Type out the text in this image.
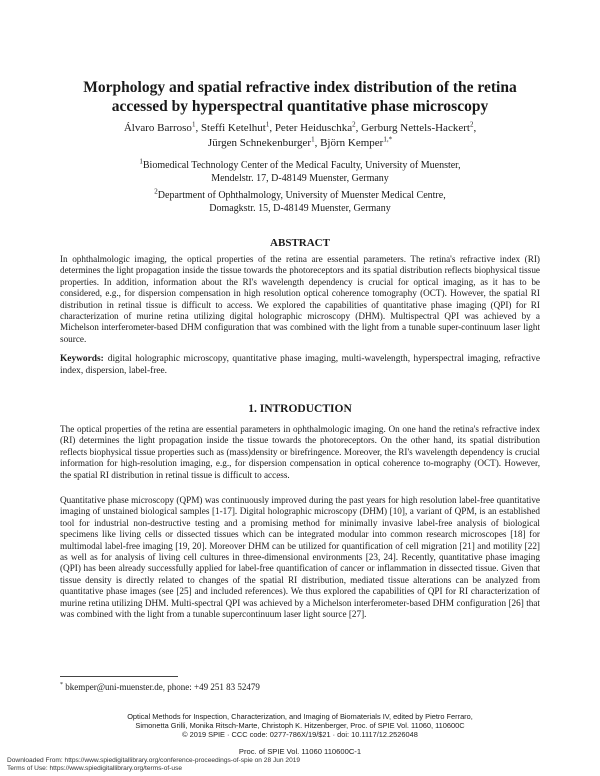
Morphology and spatial refractive index distribution of the retina
accessed by hyperspectral quantitative phase microscopy
Álvaro Barroso$^1$, Steffi Ketelhut$^1$, Peter Heiduschka$^2$, Gerburg Nettels-Hackert$^2$,
Jürgen Schnekenburger$^1$, Björn Kemper$^{1,*}$
$^1$Biomedical Technology Center of the Medical Faculty, University of Muenster,
Mendelstr. 17, D-48149 Muenster, Germany
$^2$Department of Ophthalmology, University of Muenster Medical Centre,
Domagkstr. 15, D-48149 Muenster, Germany
ABSTRACT
In ophthalmologic imaging, the optical properties of the retina are essential parameters. The retina's refractive index (RI) determines the light propagation inside the tissue towards the photoreceptors and its spatial distribution reflects biophysical tissue properties. In addition, information about the RI's wavelength dependency is crucial for optical imaging, as it has to be considered, e.g., for dispersion compensation in high resolution optical coherence tomography (OCT). However, the spatial RI distribution in retinal tissue is difficult to access. We explored the capabilities of quantitative phase imaging (QPI) for RI characterization of murine retina utilizing digital holographic microscopy (DHM). Multispectral QPI was achieved by a Michelson interferometer-based DHM configuration that was combined with the light from a tunable super-continuum laser light source.
Keywords: digital holographic microscopy, quantitative phase imaging, multi-wavelength, hyperspectral imaging, refractive index, dispersion, label-free.
1. INTRODUCTION
The optical properties of the retina are essential parameters in ophthalmologic imaging. On one hand the retina's refractive index (RI) determines the light propagation inside the tissue towards the photoreceptors. On the other hand, its spatial distribution reflects biophysical tissue properties such as (mass)density or birefringence. Moreover, the RI's wavelength dependency is crucial information for high-resolution imaging, e.g., for dispersion compensation in optical coherence to-mography (OCT). However, the spatial RI distribution in retinal tissue is difficult to access.
Quantitative phase microscopy (QPM) was continuously improved during the past years for high resolution label-free quantitative imaging of unstained biological samples [1-17]. Digital holographic microscopy (DHM) [10], a variant of QPM, is an established tool for industrial non-destructive testing and a promising method for minimally invasive label-free analysis of biological specimens like living cells or dissected tissues which can be integrated modular into common research microscopes [18] for multimodal label-free imaging [19, 20]. Moreover DHM can be utilized for quantification of cell migration [21] and motility [22] as well as for analysis of living cell cultures in three-dimensional environments [23, 24]. Recently, quantitative phase imaging (QPI) has been already successfully applied for label-free quantification of cancer or inflammation in dissected tissue. Given that tissue density is directly related to changes of the spatial RI distribution, mediated tissue alterations can be analyzed from quantitative phase images (see [25] and included references). We thus explored the capabilities of QPI for RI characterization of murine retina utilizing DHM. Multi-spectral QPI was achieved by a Michelson interferometer-based DHM configuration [26] that was combined with the light from a tunable supercontinuum laser light source [27].
* bkemper@uni-muenster.de, phone: +49 251 83 52479
Optical Methods for Inspection, Characterization, and Imaging of Biomaterials IV, edited by Pietro Ferraro,
Simonetta Grilli, Monika Ritsch-Marte, Christoph K. Hitzenberger, Proc. of SPIE Vol. 11060, 110600C
© 2019 SPIE · CCC code: 0277-786X/19/$21 · doi: 10.1117/12.2526048
Proc. of SPIE Vol. 11060 110600C-1
Downloaded From: https://www.spiedigitallibrary.org/conference-proceedings-of-spie on 28 Jun 2019
Terms of Use: https://www.spiedigitallibrary.org/terms-of-use
